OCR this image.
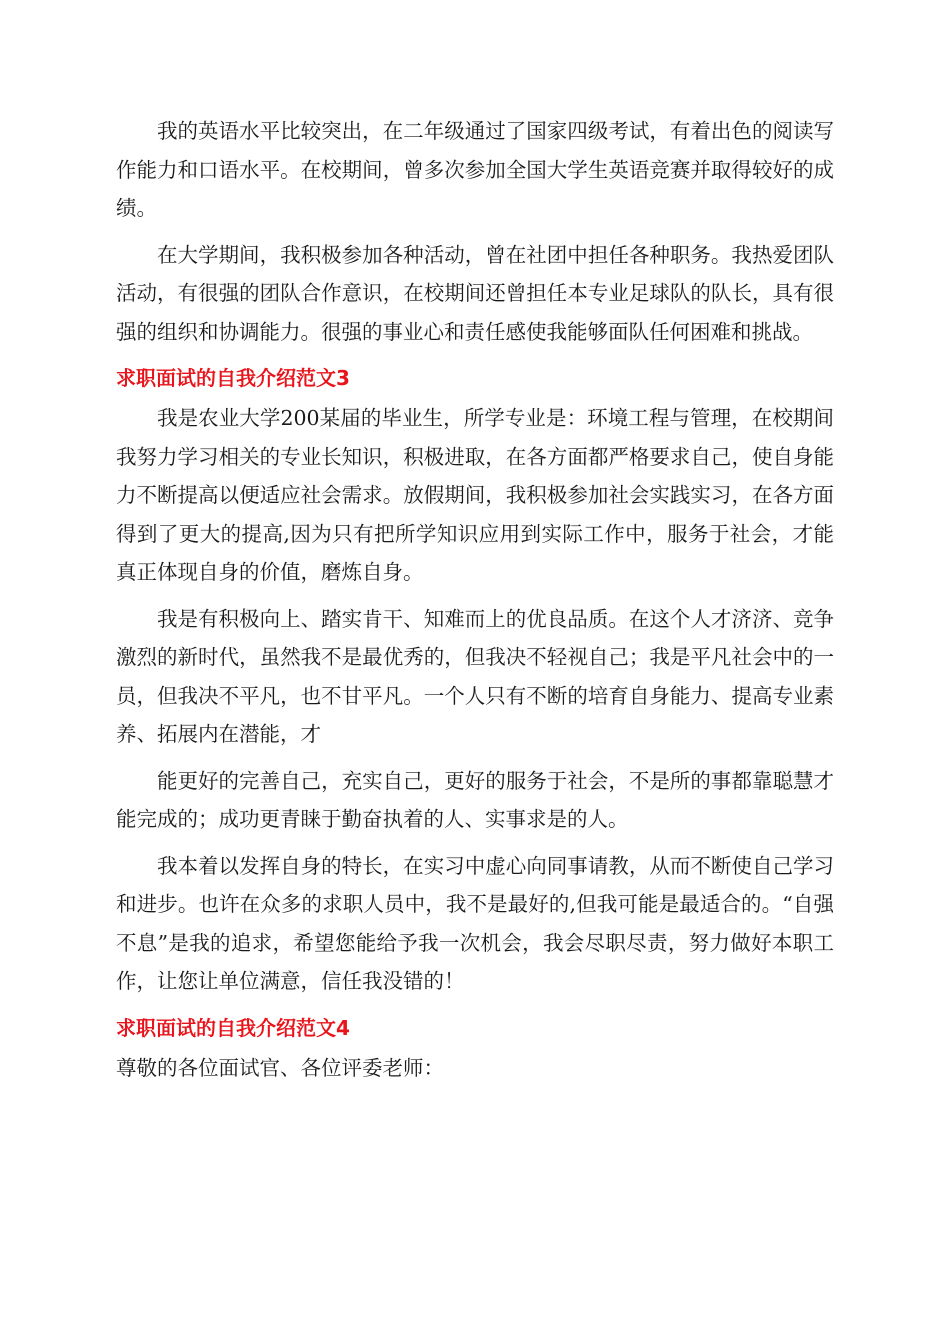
我的英语水平比较突出，在二年级通过了国家四级考试，有着出色的阅读写作能力和口语水平。在校期间，曾多次参加全国大学生英语竞赛并取得较好的成绩。

在大学期间，我积极参加各种活动，曾在社团中担任各种职务。我热爱团队活动，有很强的团队合作意识，在校期间还曾担任本专业足球队的队长，具有很强的组织和协调能力。很强的事业心和责任感使我能够面队任何困难和挑战。

求职面试的自我介绍范文3

我是农业大学200某届的毕业生，所学专业是：环境工程与管理，在校期间我努力学习相关的专业长知识，积极进取，在各方面都严格要求自己，使自身能力不断提高以便适应社会需求。放假期间，我积极参加社会实践实习，在各方面得到了更大的提高,因为只有把所学知识应用到实际工作中，服务于社会，才能真正体现自身的价值，磨炼自身。

我是有积极向上、踏实肯干、知难而上的优良品质。在这个人才济济、竞争激烈的新时代，虽然我不是最优秀的，但我决不轻视自己；我是平凡社会中的一员，但我决不平凡，也不甘平凡。一个人只有不断的培育自身能力、提高专业素养、拓展内在潜能，才

能更好的完善自己，充实自己，更好的服务于社会，不是所的事都靠聪慧才能完成的；成功更青睐于勤奋执着的人、实事求是的人。

我本着以发挥自身的特长，在实习中虚心向同事请教，从而不断使自己学习和进步。也许在众多的求职人员中，我不是最好的,但我可能是最适合的。“自强不息”是我的追求，希望您能给予我一次机会，我会尽职尽责，努力做好本职工作，让您让单位满意，信任我没错的！

求职面试的自我介绍范文4

尊敬的各位面试官、各位评委老师：
